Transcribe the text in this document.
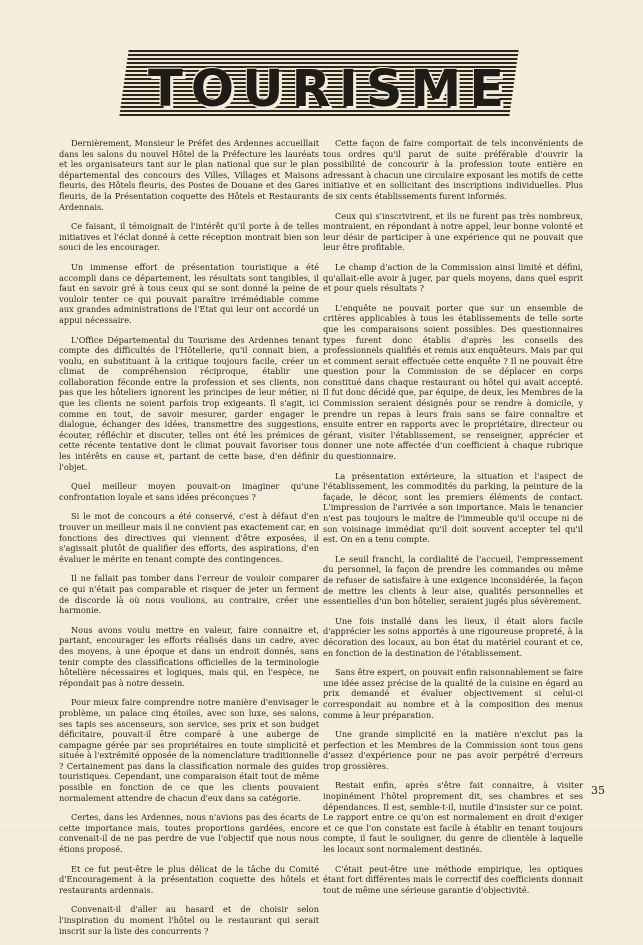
TOURISME

Dernièrement, Monsieur le Préfet des Ardennes accueillait dans les salons du nouvel Hôtel de la Préfecture les lauréats et les organisateurs tant sur le plan national que sur le plan départemental des concours des Villes, Villages et Maisons fleuris, des Hôtels fleuris, des Postes de Douane et des Gares fleuris, de la Présentation coquette des Hôtels et Restaurants Ardennais.

Ce faisant, il témoignait de l'intérêt qu'il porte à de telles initiatives et l'éclat donné à cette réception montrait bien son souci de les encourager.

Un immense effort de présentation touristique a été accompli dans ce département, les résultats sont tangibles, il faut en savoir gré à tous ceux qui se sont donné la peine de vouloir tenter ce qui pouvait paraître irrémédiable comme aux grandes administrations de l'Etat qui leur ont accordé un appui nécessaire.

L'Office Départemental du Tourisme des Ardennes tenant compte des difficultés de l'Hôtellerie, qu'il connait bien, a voulu, en substituant à la critique toujours facile, créer un climat de compréhension réciproque, établir une collaboration féconde entre la profession et ses clients, non pas que les hôteliers ignorent les principes de leur métier, ni que les clients ne soient parfois trop exigeants. Il s'agit, ici comme en tout, de savoir mesurer, garder engager le dialogue, échanger des idées, transmettre des suggestions, écouter, réfléchir et discuter, telles ont été les prémices de cette récente tentative dont le climat pouvait favoriser tous les intérêts en cause et, partant de cette base, d'en définir l'objet.

Quel meilleur moyen pouvait-on imaginer qu'une confrontation loyale et sans idées préconçues ?

Si le mot de concours a été conservé, c'est à défaut d'en trouver un meilleur mais il ne convient pas exactement car, en fonctions des directives qui viennent d'être exposées, il s'agissait plutôt de qualifier des efforts, des aspirations, d'en évaluer le mérite en tenant compte des contingences.

Il ne fallait pas tomber dans l'erreur de vouloir comparer ce qui n'était pas comparable et risquer de jeter un ferment de discorde là où nous voulions, au contraire, créer une harmonie.

Nous avons voulu mettre en valeur, faire connaitre et, partant, encourager les efforts réalisés dans un cadre, avec des moyens, à une époque et dans un endroit donnés, sans tenir compte des classifications officielles de la terminologie hôtelière nécessaires et logiques, mais qui, en l'espèce, ne répondait pas à notre dessein.

Pour mieux faire comprendre notre manière d'envisager le problème, un palace cinq étoiles, avec son luxe, ses salons, ses tapis ses ascenseurs, son service, ses prix et son budget déficitaire, pouvait-il être comparé à une auberge de campagne gérée par ses propriétaires en toute simplicité et située à l'extrémité opposée de la nomenclature traditionnelle ? Certainement pas dans la classification normale des guides touristiques. Cependant, une comparaison était tout de même possible en fonction de ce que les clients pouvaient normalement attendre de chacun d'eux dans sa catégorie.

Certes, dans les Ardennes, nous n'avions pas des écarts de cette importance mais, toutes proportions gardées, encore convenait-il de ne pas perdre de vue l'objectif que nous nous étions proposé.

Et ce fut peut-être le plus délicat de la tâche du Comité d'Encouragement à la présentation coquette des hôtels et restaurants ardennais.

Convenait-il d'aller au hasard et de choisir selon l'inspiration du moment l'hôtel ou le restaurant qui serait inscrit sur la liste des concurrents ?

Cette façon de faire comportait de tels inconvénients de tous ordres qu'il parut de suite préférable d'ouvrir la possibilité de concourir à la profession toute entière en adressant à chacun une circulaire exposant les motifs de cette initiative et en sollicitant des inscriptions individuelles. Plus de six cents établissements furent informés.

Ceux qui s'inscrivirent, et ils ne furent pas très nombreux, montraient, en répondant à notre appel, leur bonne volonté et leur désir de participer à une expérience qui ne pouvait que leur être profitable.

Le champ d'action de la Commission ainsi limité et défini, qu'allait-elle avoir à juger, par quels moyens, dans quel esprit et pour quels résultats ?

L'enquête ne pouvait porter que sur un ensemble de critères applicables à tous les établissements de telle sorte que les comparaisons soient possibles. Des questionnaires types furent donc établis d'après les conseils des professionnels qualifiés et remis aux enquêteurs. Mais par qui et comment serait effectuée cette enquête ? Il ne pouvait être question pour la Commission de se déplacer en corps constitué dans chaque restaurant ou hôtel qui avait accepté. Il fut donc décidé que, par équipe, de deux, les Membres de la Commission seraient désignés pour se rendre à domicile, y prendre un repas à leurs frais sans se faire connaître et ensuite entrer en rapports avec le propriétaire, directeur ou gérant, visiter l'établissement, se renseigner, apprécier et donner une note affectée d'un coefficient à chaque rubrique du questionnaire.

La présentation extérieure, la situation et l'aspect de l'établissement, les commodités du parking, la peinture de la façade, le décor, sont les premiers éléments de contact. L'impression de l'arrivée a son importance. Mais le tenancier n'est pas toujours le maître de l'immeuble qu'il occupe ni de son voisinage immédiat qu'il doit souvent accepter tel qu'il est. On en a tenu compte.

Le seuil franchi, la cordialité de l'accueil, l'empressement du personnel, la façon de prendre les commandes ou même de refuser de satisfaire à une exigence inconsidérée, la façon de mettre les clients à leur aise, qualités personnelles et essentielles d'un bon hôtelier, seraient jugés plus sévèrement.

Une fois installé dans les lieux, il était alors facile d'apprécier les soins apportés à une rigoureuse propreté, à la décoration des locaux, au bon état du matériel courant et ce, en fonction de la destination de l'établissement.

Sans être expert, on pouvait enfin raisonnablement se faire une idée assez précise de la qualité de la cuisine en égard au prix demandé et évaluer objectivement si celui-ci correspondait au nombre et à la composition des menus comme à leur préparation.

Une grande simplicité en la matière n'exclut pas la perfection et les Membres de la Commission sont tous gens d'assez d'expérience pour ne pas avoir perpétré d'erreurs trop grossières.

Restait enfin, après s'être fait connaitre, à visiter inopinément l'hôtel proprement dit, ses chambres et ses dépendances. Il est, semble-t-il, inutile d'insister sur ce point. Le rapport entre ce qu'on est normalement en droit d'exiger et ce que l'on constate est facile à établir en tenant toujours compte, il faut le souligner, du genre de clientèle à laquelle les locaux sont normalement destinés.

C'était peut-être une méthode empirique, les optiques étant fort différentes mais le correctif des coefficients donnait tout de même une sérieuse garantie d'objectivité.

35
